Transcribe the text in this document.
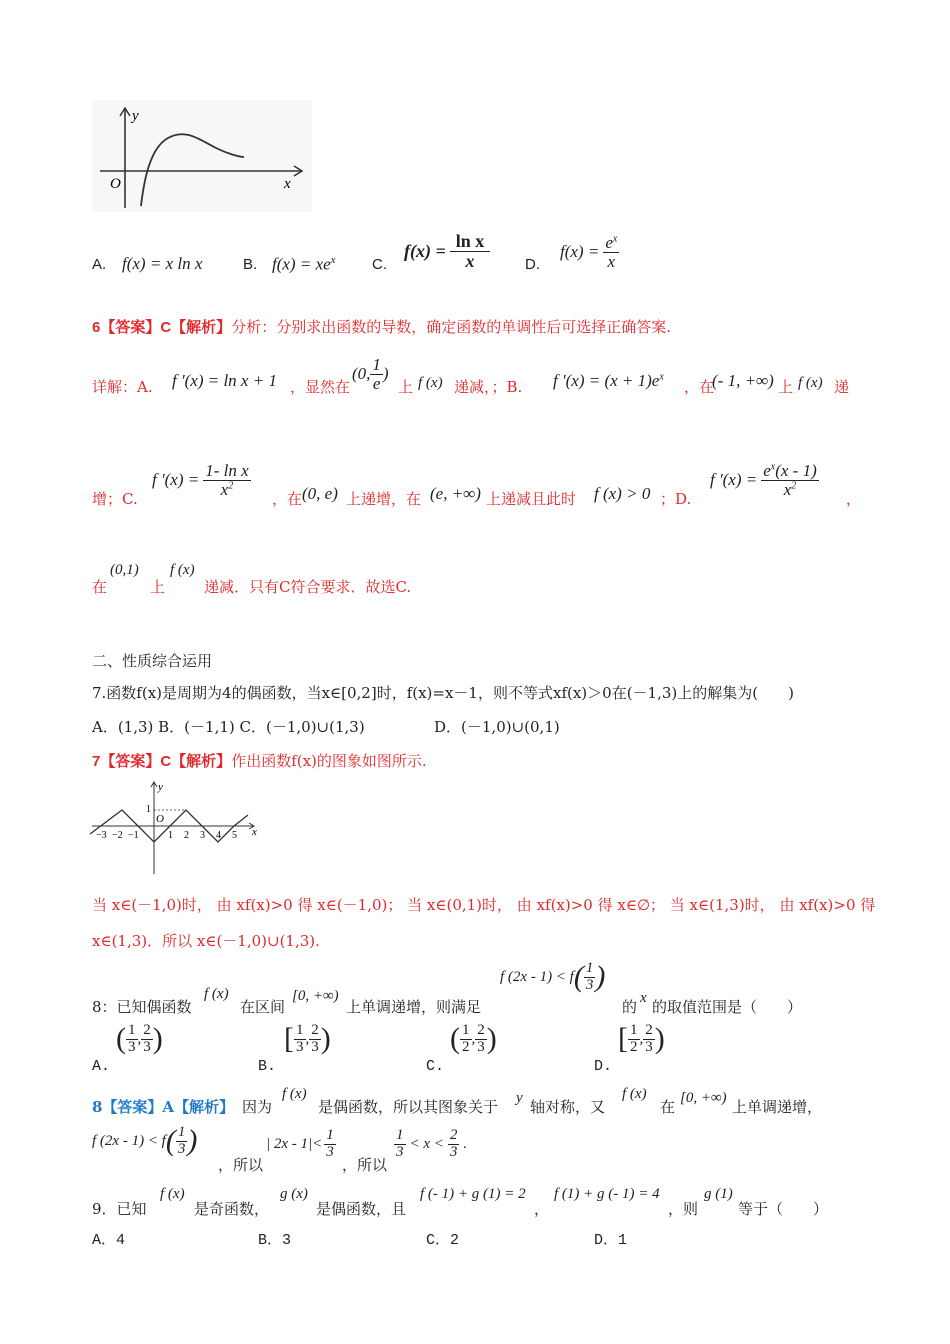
y
O	x
A. f(x) = x ln x	B. $f(x) = xe^x$ C.
$f(x) = \frac{\text{ln x}}{x} D$.
$f(x) = \frac{e^x}{x}$
6【答案】C【解析】分析：分别求出函数的导数，确定函数的单调性后可选择正确答案.
详解：A. f '(x) = ln x + 1 ，显然在
(0, $\frac{1}{e}$ )
上 f (x) 递减，；B. f '$(x) = (x + 1)e^x$
，在
(- 1, +∞) 上 f (x) 递
增；C.
f '$(x) = \frac{\text{1- ln x}}{x^2}$
，在 (0, e) 上递增，在 (e, +∞) 上递减且此时 f (x) > 0 ；D.
f '$(x) = \frac{e^x(x - 1)}{x^2}$
，
在
(0,1)
上
f (x)
递减．只有C符合要求．故选C.
二、性质综合运用
7.函数f(x)是周期为4的偶函数，当x∈[0,2]时，f(x)=x－1，则不等式xf(x)＞0在(－1,3)上的解集为(　　)
A．(1,3) B．(－1,1) C．(－1,0)∪(1,3)	D．(－1,0)∪(0,1)
7【答案】C【解析】作出函数f(x)的图象如图所示.
y
x
1
O
−3 −2 −1	1 2 3 4 5
当 x∈(－1,0)时， 由 xf(x)>0 得 x∈(－1,0)； 当 x∈(0,1)时， 由 xf(x)>0 得 x∈∅； 当 x∈(1,3)时， 由 xf(x)>0 得
x∈(1,3)．所以 x∈(－1,0)∪(1,3).
8：已知偶函数
f (x)
在区间
[0, +∞)
上单调递增，则满足
f (2x - 1) < f ( $\frac{1}{3}$ )
的 x 的取值范围是（　　）
A.
( $\frac{1}{3}$ , $\frac{2}{3}$ )
B.
[ $\frac{1}{3}$ , $\frac{2}{3}$ )
C.
( $\frac{1}{2}$ , $\frac{2}{3}$ )
D.
[ $\frac{1}{2}$ , $\frac{2}{3}$ )
8【答案】A【解析】 因为
f (x)
是偶函数，所以其图象关于 y 轴对称，又
f (x)
在 [0, +∞) 上单调递增，
f (2x - 1) < f ( $\frac{1}{3}$ )
，所以
| $2x - 1|< \frac{1}{3}$
，所以
$\frac{1}{3} < x < \frac{2}{3}$ .
9．已知
f (x)
是奇函数，
g (x)
是偶函数，且
f (- 1) + g (1) = 2
，
f (1) + g (- 1) = 4
，则
g (1)
等于（　　）
A．4	B．3	C．2	D．1
